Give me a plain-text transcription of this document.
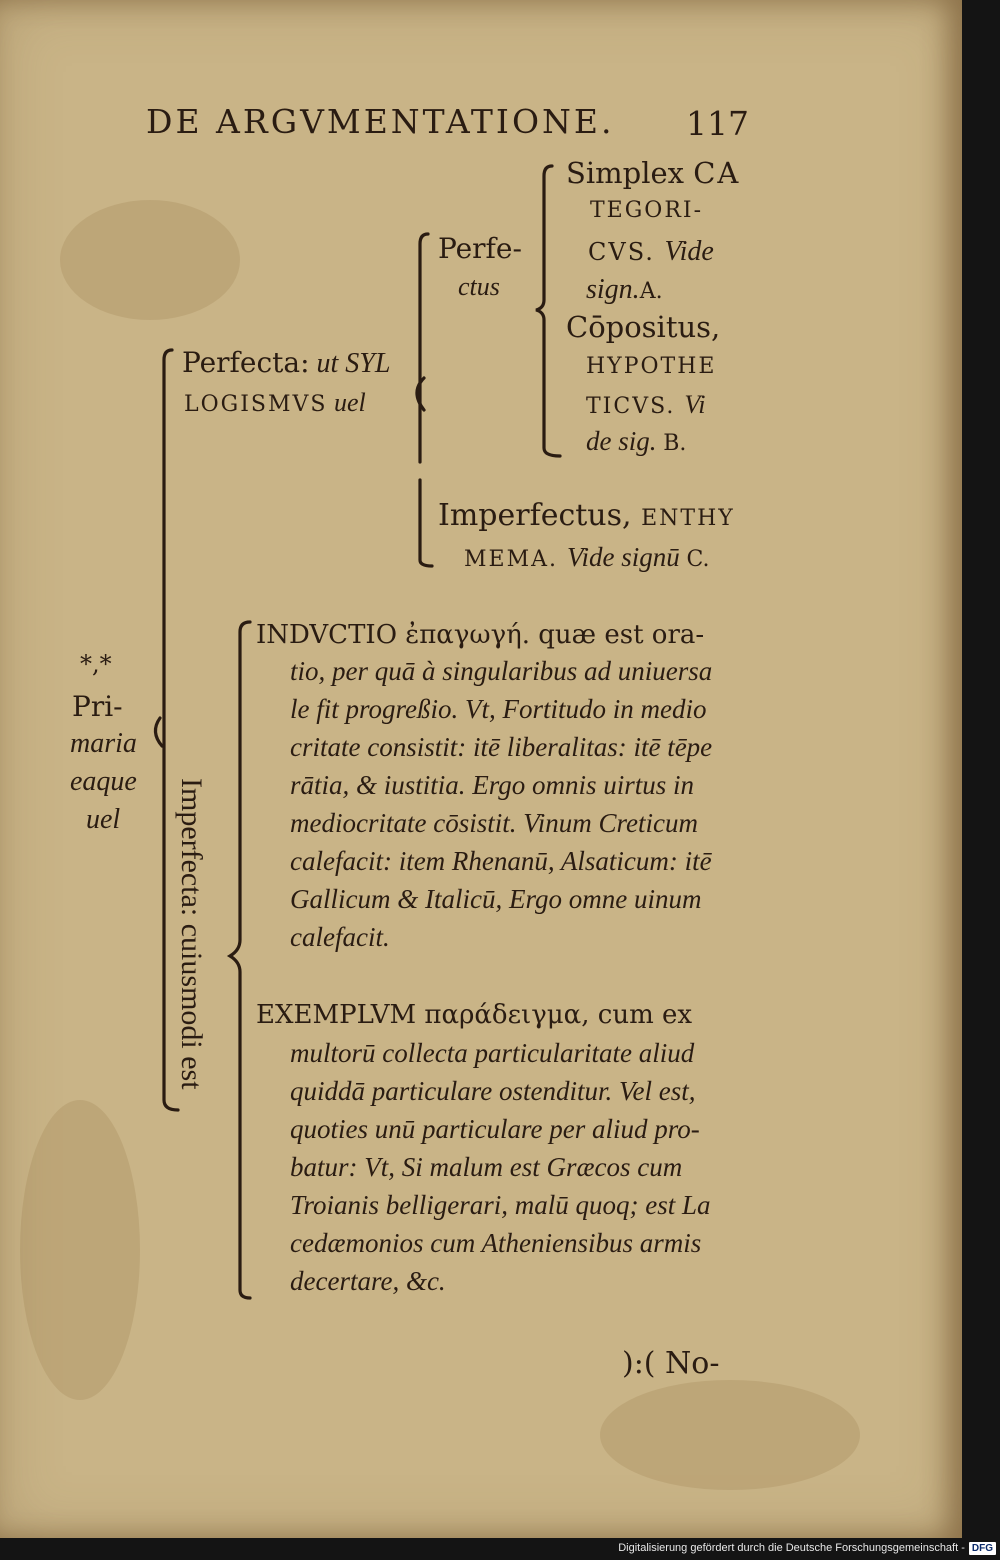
DE ARGVMENTATIONE. 117
Simplex CA
TEGORI-
CVS. Vide
sign.A.
Cōpositus,
HYPOTHE
TICVS. Vi
de sig. B.
Perfe-
ctus
Perfecta: ut SYL
LOGISMVS uel
Imperfectus, ENTHY
MEMA. Vide signū C.
*,*
Pri-
maria
eaque
uel Imperfecta: cuiusmodi est
INDVCTIO ἐπαγωγή. quæ est ora-
tio, per quā à singularibus ad uniuersa
le fit progreßio. Vt, Fortitudo in medio
critate consistit: itē liberalitas: itē tēpe
rātia, & iustitia. Ergo omnis uirtus in
mediocritate cōsistit. Vinum Creticum
calefacit: item Rhenanū, Alsaticum: itē
Gallicum & Italicū, Ergo omne uinum
calefacit.
EXEMPLVM παράδειγμα, cum ex
multorū collecta particularitate aliud
quiddā particulare ostenditur. Vel est,
quoties unū particulare per aliud pro-
batur: Vt, Si malum est Græcos cum
Troianis belligerari, malū quoq; est La
cedæmonios cum Atheniensibus armis
decertare, &c.
):( No-
Digitalisierung gefördert durch die Deutsche Forschungsgemeinschaft - DFG
